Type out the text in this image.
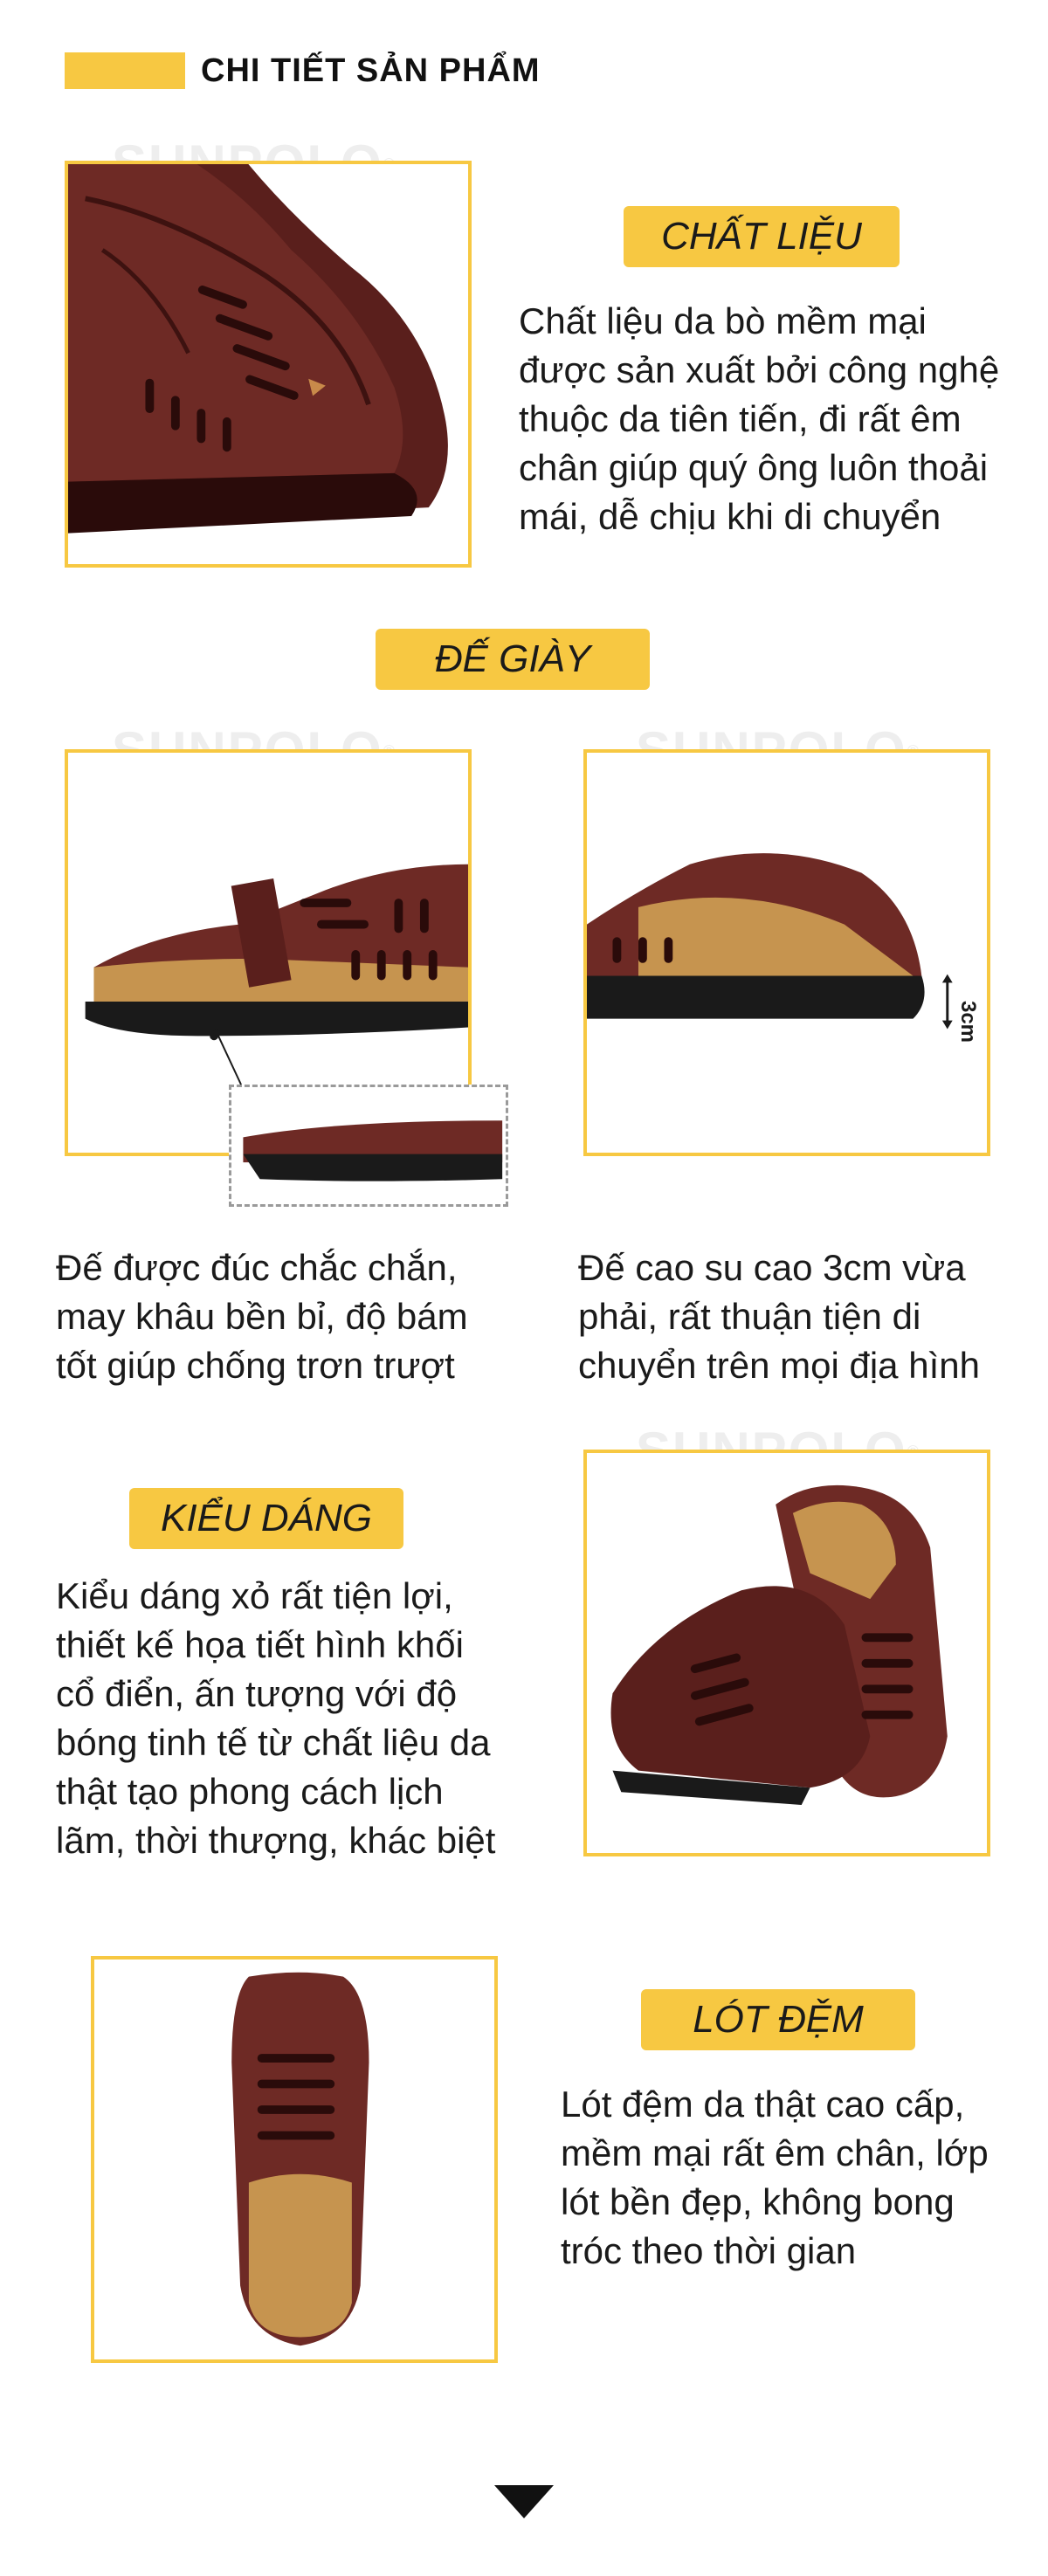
CHI TIẾT SẢN PHẨM
CHẤT LIỆU

Chất liệu da bò mềm mại

được sản xuất bởi công nghệ

thuộc da tiên tiến, đi rất êm

chân giúp quý ông luôn thoải

mái, dễ chịu khi di chuyển

ĐẾ GIÀY
3cm

Đế được đúc chắc chắn,

may khâu bền bỉ, độ bám

tốt giúp chống trơn trượt

Đế cao su cao 3cm vừa

phải, rất thuận tiện di

chuyển trên mọi địa hình

KIỂU DÁNG

Kiểu dáng xỏ rất tiện lợi,

thiết kế họa tiết hình khối

cổ điển, ấn tượng với độ

bóng tinh tế từ chất liệu da

thật tạo phong cách lịch

lãm, thời thượng, khác biệt

LÓT ĐỆM

Lót đệm da thật cao cấp,

mềm mại rất êm chân, lớp

lót bền đẹp, không bong

tróc theo thời gian
